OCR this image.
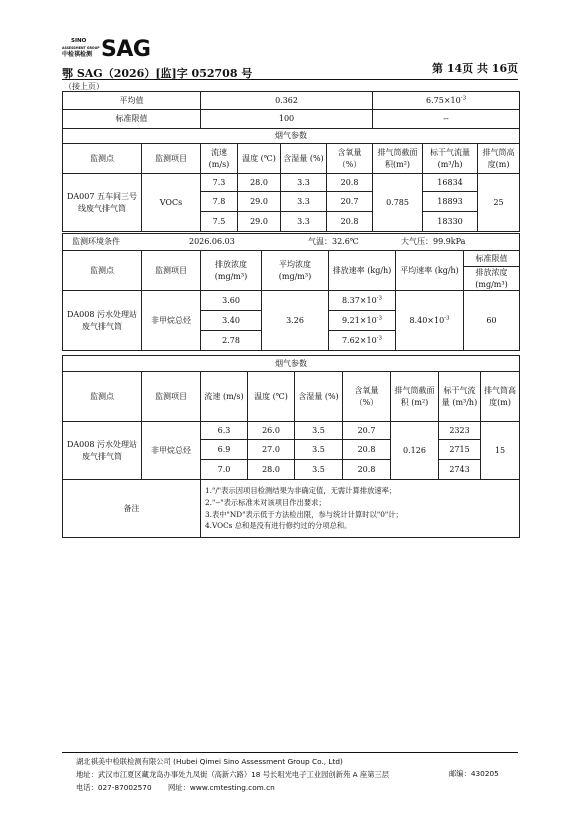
SINO
ASSESSMENT GROUP
中检祺检测 SAG
鄂 SAG（2026）[监]字 052708 号	第 14页 共 16页
（接上页）
平均值		0.362				$6.75\times 10^{-3}$
标准限值		100				--		
烟气参数								
监测点	监测项目	流速 (m/s)	温度 (℃)	含湿量 (%)	含氧量 （%）	排气筒截面积(m²)	标干气流量(m³/h)	排气筒高度(m)
DA007 五车间三号线废气排气筒	VOCs	7.3	28.0	3.3	20.8	0.785	16834	25
		7.8	29.0	3.3	20.7		18893	
		7.5	29.0	3.3	20.8		18330	
监测环境条件 2026.06.03 气温：32.6℃ 大气压：99.9kPa						

监测点	监测项目	排放浓度 (mg/m³)	平均浓度 (mg/m³)	排放速率 (kg/h)	平均速率 (kg/h)	标准限值
						排放浓度 (mg/m³)
DA008 污水处理站废气排气筒	非甲烷总烃	3.60	3.26	$8.37\times 10^{-3}$	$8.40\times 10^{-3}$	60
		3.40		$9.21\times 10^{-3}$
		2.78		$7.62\times 10^{-3}$
烟气参数								
监测点	监测项目	流速 (m/s)	温度 (℃)	含湿量 (%)	含氧量 （%）	排气筒截面积 (m²)	标干气流量 (m³/h)	排气筒高度(m)
DA008 污水处理站废气排气筒	非甲烷总烃	6.3	26.0	3.5	20.7	0.126	2323	15
		6.9	27.0	3.5	20.8		2715	
		7.0	28.0	3.5	20.8		2743	
备注		1."/"表示因项目检测结果为非确定值，无需计算排放速率；
2."--"表示标准未对该项目作出要求；
3.表中"ND"表示低于方法检出限，参与统计计算时以"0"计；
4.VOCs 总和是没有进行修约过的分项总和。						
湖北祺美中检联检测有限公司 (Hubei Qimei Sino Assessment Group Co., Ltd)
地址：武汉市江夏区藏龙岛办事处九凤街（高新六路）18 号长咀光电子工业园创新苑 A 座第三层	邮编：430205
电话：027-87002570 网址：www.cmtesting.com.cn
